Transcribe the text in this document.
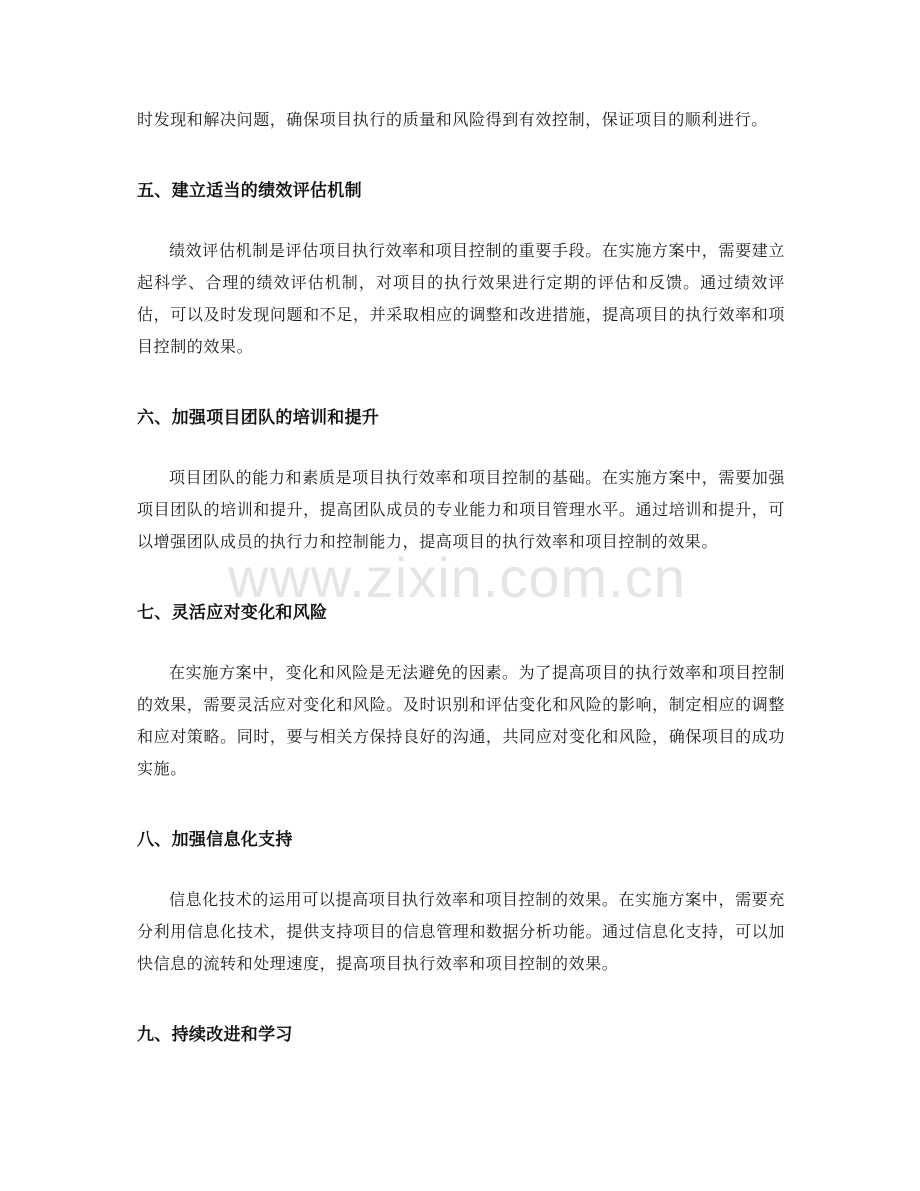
时发现和解决问题，确保项目执行的质量和风险得到有效控制，保证项目的顺利进行。

五、建立适当的绩效评估机制

绩效评估机制是评估项目执行效率和项目控制的重要手段。在实施方案中，需要建立起科学、合理的绩效评估机制，对项目的执行效果进行定期的评估和反馈。通过绩效评估，可以及时发现问题和不足，并采取相应的调整和改进措施，提高项目的执行效率和项目控制的效果。

六、加强项目团队的培训和提升

项目团队的能力和素质是项目执行效率和项目控制的基础。在实施方案中，需要加强项目团队的培训和提升，提高团队成员的专业能力和项目管理水平。通过培训和提升，可以增强团队成员的执行力和控制能力，提高项目的执行效率和项目控制的效果。

七、灵活应对变化和风险

在实施方案中，变化和风险是无法避免的因素。为了提高项目的执行效率和项目控制的效果，需要灵活应对变化和风险。及时识别和评估变化和风险的影响，制定相应的调整和应对策略。同时，要与相关方保持良好的沟通，共同应对变化和风险，确保项目的成功实施。

八、加强信息化支持

信息化技术的运用可以提高项目执行效率和项目控制的效果。在实施方案中，需要充分利用信息化技术，提供支持项目的信息管理和数据分析功能。通过信息化支持，可以加快信息的流转和处理速度，提高项目执行效率和项目控制的效果。

九、持续改进和学习
www.zixin.com.cn
